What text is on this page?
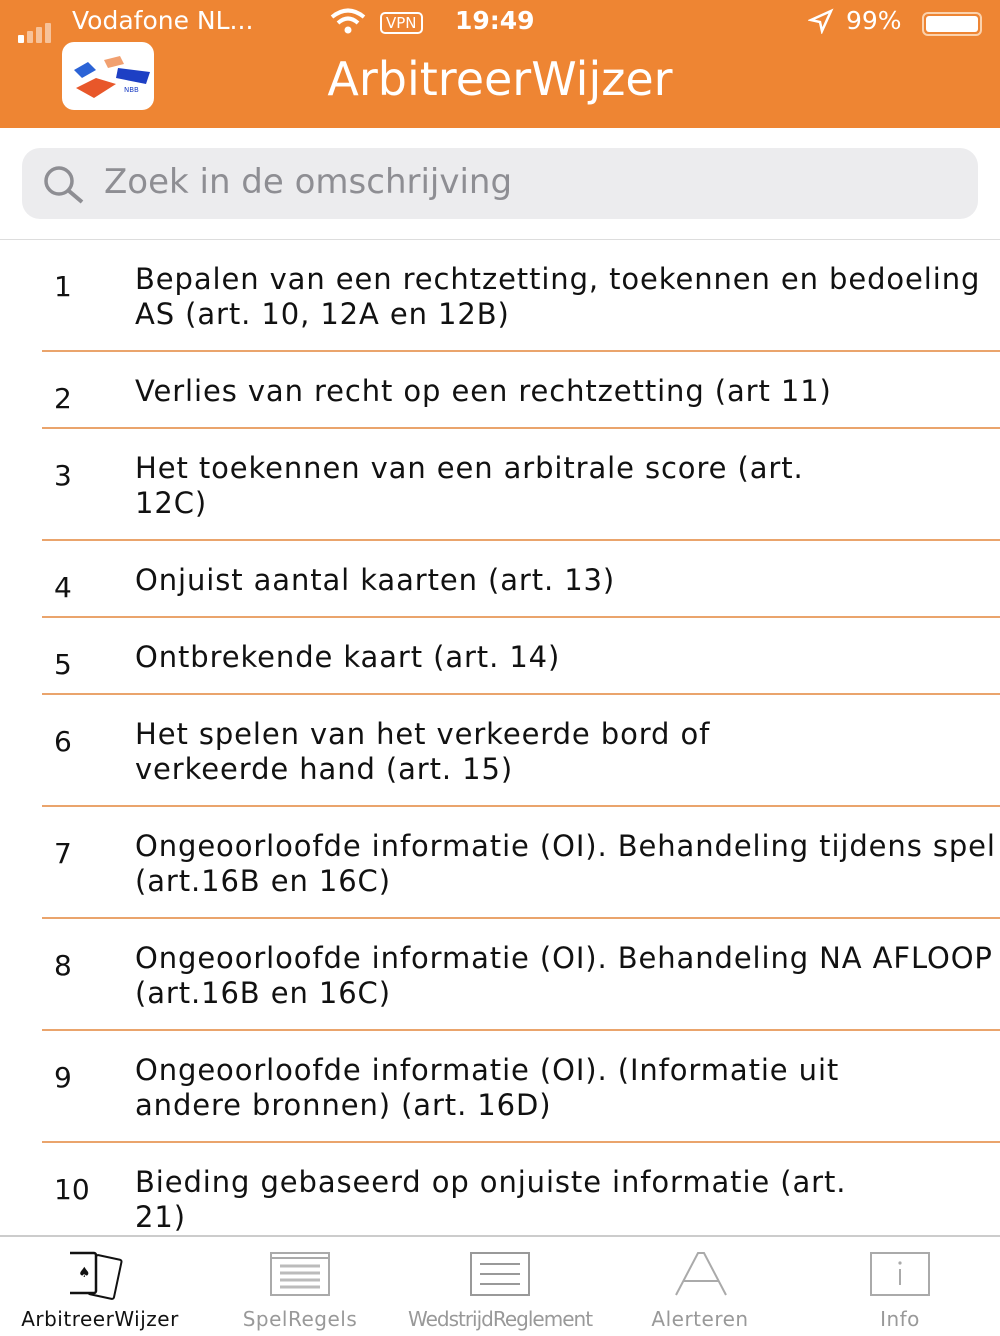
Vodafone NL...	VPN 19:49	99%
NBB	ArbitreerWijzer
Zoek in de omschrijving
1 Bepalen van een rechtzetting, toekennen en bedoeling AS (art. 10, 12A en 12B)
2 Verlies van recht op een rechtzetting (art 11)
3 Het toekennen van een arbitrale score (art. 12C)
4 Onjuist aantal kaarten (art. 13)
5 Ontbrekende kaart (art. 14)
6 Het spelen van het verkeerde bord of verkeerde hand (art. 15)
7 Ongeoorloofde informatie (OI). Behandeling tijdens spel (art.16B en 16C)
8 Ongeoorloofde informatie (OI). Behandeling NA AFLOOP (art.16B en 16C)
9 Ongeoorloofde informatie (OI). (Informatie uit andere bronnen) (art. 16D)
10 Bieding gebaseerd op onjuiste informatie (art. 21)
♠
ArbitreerWijzer	SpelRegels	WedstrijdReglement	Alerteren	Info
